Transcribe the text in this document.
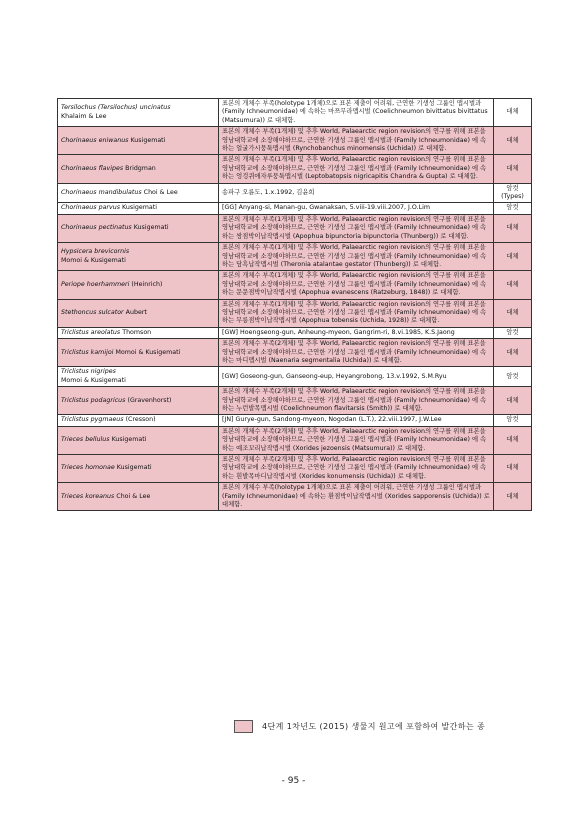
Tersilochus (Tersilochus) uncinatus
Khalaim & Lee	표본의 개체수 부족(holotype 1개체)으로 표본 제출이 어려워, 근연한 기생성 그룹인 맵시벌과 (Family Ichneumonidae) 에 속하는 마쯔무라맵시벌 (Coelichneumon bivittatus bivittatus (Matsumura)) 로 대체함.	대체
Chorinaeus eniwanus Kusigemati	표본의 개체수 부족(1개체) 및 추후 World, Palaearctic region revision의 연구를 위해 표본을 영남대학교에 소장해야하므로, 근연한 기생성 그룹인 맵시벌과 (Family Ichneumonidae) 에 속하는 얼굴가시뭉툭맵시벌 (Rynchobanchus minomensis (Uchida)) 로 대체함.	대체
Chorinaeus flavipes Bridgman	표본의 개체수 부족(1개체) 및 추후 World, Palaearctic region revision의 연구를 위해 표본을 영남대학교에 소장해야하므로, 근연한 기생성 그룹인 맵시벌과 (Family Ichneumonidae) 에 속하는 엉겅퀴애자루뭉툭맵시벌 (Leptobatopsis nigricapitis Chandra & Gupta) 로 대체함.	대체
Chorinaeus mandibulatus Choi & Lee	송파구 오륜도, 1.x.1992, 김윤희	암컷
(Types)
Chorinaeus parvus Kusigemati	[GG] Anyang-si, Manan-gu, Gwanaksan, 5.viii-19.viii.2007, J.O.Lim	암컷
Chorinaeus pectinatus Kusigemati	표본의 개체수 부족(1개체) 및 추후 World, Palaearctic region revision의 연구를 위해 표본을 영남대학교에 소장해야하므로, 근연한 기생성 그룹인 맵시벌과 (Family Ichneumonidae) 에 속하는 쌍점박이납작맵시벌 (Apophua bipunctoria bipunctoria (Thunberg)) 로 대체함.	대체
Hypsicera brevicornis
Momoi & Kusigemati	표본의 개체수 부족(1개체) 및 추후 World, Palaearctic region revision의 연구를 위해 표본을 영남대학교에 소장해야하므로, 근연한 기생성 그룹인 맵시벌과 (Family Ichneumonidae) 에 속하는 담흑납작맵시벌 (Theronia atalantae gestator (Thunberg)) 로 대체함.	대체
Periope hoerhammeri (Heinrich)	표본의 개체수 부족(1개체) 및 추후 World, Palaearctic region revision의 연구를 위해 표본을 영남대학교에 소장해야하므로, 근연한 기생성 그룹인 맵시벌과 (Family Ichneumonidae) 에 속하는 문문점박이납작맵시벌 (Apophua evanescens (Ratzeburg, 1848)) 로 대체함.	대체
Stethoncus sulcator Aubert	표본의 개체수 부족(1개체) 및 추후 World, Palaearctic region revision의 연구를 위해 표본을 영남대학교에 소장해야하므로, 근연한 기생성 그룹인 맵시벌과 (Family Ichneumonidae) 에 속하는 무릉점박이납작맵시벌 (Apophua tobensis (Uchida, 1928)) 로 대체함.	대체
Triclistus areolatus Thomson	[GW] Hoengseong-gun, Anheung-myeon, Gangrim-ri, 8.vi.1985, K.S.Jaong	암컷
Triclistus kamijoi Momoi & Kusigemati	표본의 개체수 부족(2개체) 및 추후 World, Palaearctic region revision의 연구를 위해 표본을 영남대학교에 소장해야하므로, 근연한 기생성 그룹인 맵시벌과 (Family Ichneumonidae) 에 속하는 마디맵시벌 (Naenaria segmentalia (Uchida)) 로 대체함.	대체
Triclistus nigripes
Momoi & Kusigemati	[GW] Goseong-gun, Ganseong-eup, Heyangrobong, 13.v.1992, S.M.Ryu	암컷
Triclistus podagricus (Gravenhorst)	표본의 개체수 부족(2개체) 및 추후 World, Palaearctic region revision의 연구를 위해 표본을 영남대학교에 소장해야하므로, 근연한 기생성 그룹인 맵시벌과 (Family Ichneumonidae) 에 속하는 누런발목맵시벌 (Coelichneumon flavitarsis (Smith)) 로 대체함.	대체
Triclistus pygmaeus (Cresson)	[JN] Gurye-gun, Sandong-myeon, Nogodan (L.T.), 22.viii.1997, J.W.Lee	암컷
Trieces bellulus Kusigemati	표본의 개체수 부족(2개체) 및 추후 World, Palaearctic region revision의 연구를 위해 표본을 영남대학교에 소장해야하므로, 근연한 기생성 그룹인 맵시벌과 (Family Ichneumonidae) 에 속하는 예조꼬리납작맵시벌 (Xorides jezoensis (Matsumura)) 로 대체함.	대체
Trieces homonae Kusigemati	표본의 개체수 부족(2개체) 및 추후 World, Palaearctic region revision의 연구를 위해 표본을 영남대학교에 소장해야하므로, 근연한 기생성 그룹인 맵시벌과 (Family Ichneumonidae) 에 속하는 흰발목마디납작맵시벌 (Xorides konumensis (Uchida)) 로 대체함.	대체
Trieces koreanus Choi & Lee	표본의 개체수 부족(holotype 1개체)으로 표본 제출이 어려워, 근연한 기생성 그룹인 맵시벌과 (Family Ichneumonidae) 에 속하는 환점박이납작맵시벌 (Xorides sapporensis (Uchida)) 로 대체함.	대체
4단계 1차년도 (2015) 생물지 원고에 포함하여 발간하는 종
- 95 -
